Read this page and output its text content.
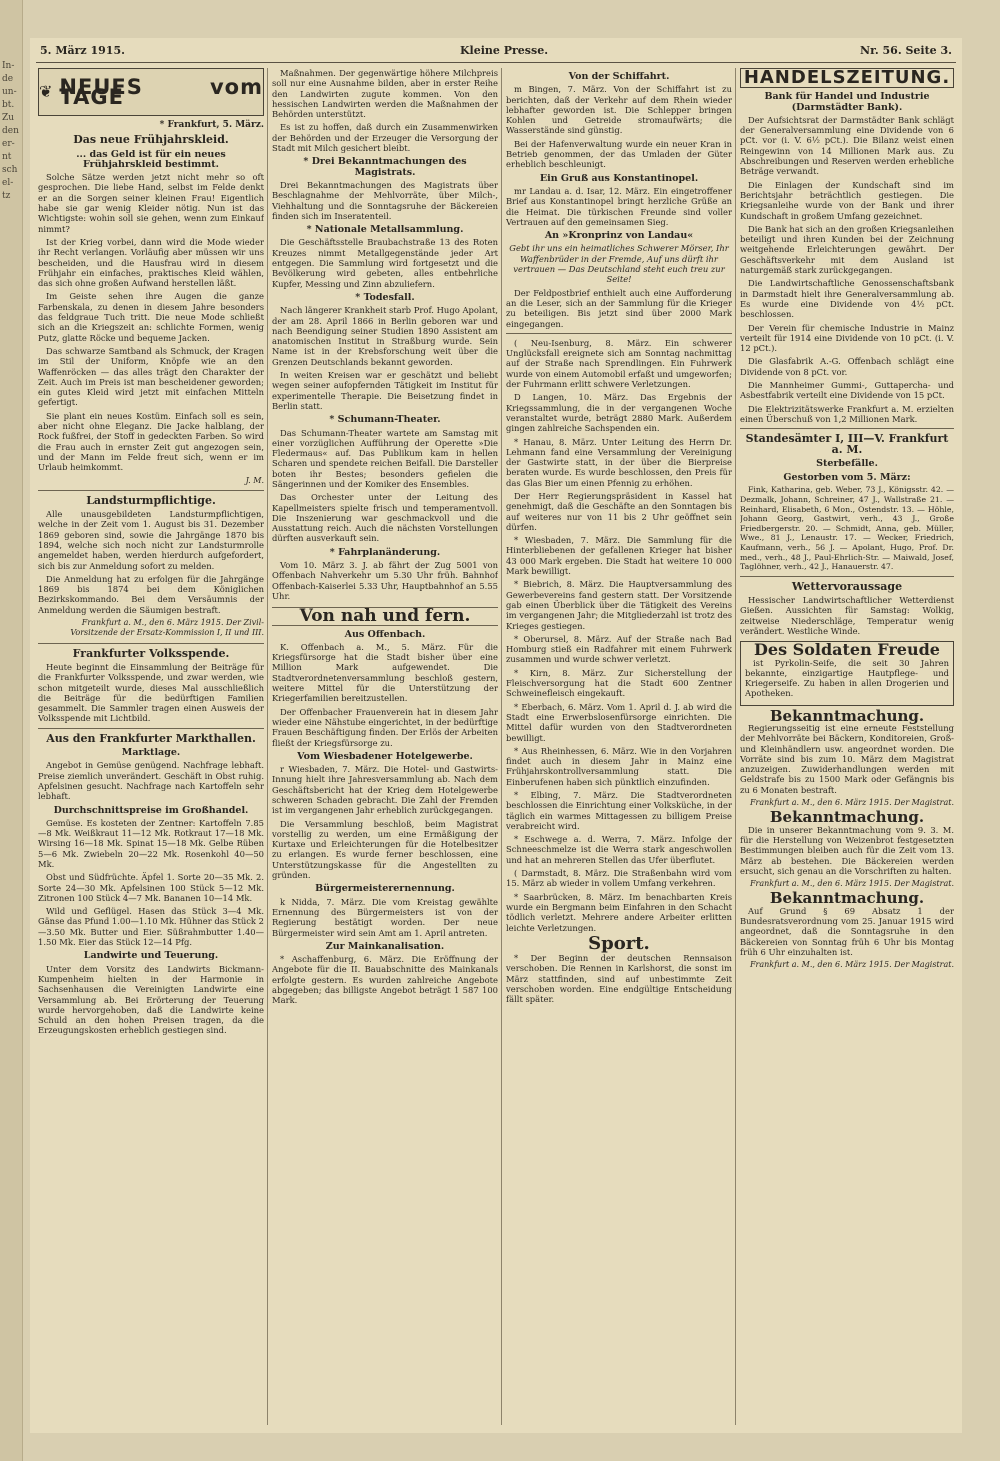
In- de un- bt. Zu den er- nt sch el- tz
5. März 1915.	Kleine Presse.	Nr. 56. Seite 3.
❦ NEUES vom TAGE
* Frankfurt, 5. März.
Das neue Frühjahrskleid.
... das Geld ist für ein neues Frühjahrskleid bestimmt.

Solche Sätze werden jetzt nicht mehr so oft gesprochen. Die liebe Hand, selbst im Felde denkt er an die Sorgen seiner kleinen Frau! Eigentlich habe sie gar wenig Kleider nötig. Nun ist das Wichtigste: wohin soll sie gehen, wenn zum Einkauf nimmt?

Ist der Krieg vorbei, dann wird die Mode wieder ihr Recht verlangen. Vorläufig aber müssen wir uns bescheiden, und die Hausfrau wird in diesem Frühjahr ein einfaches, praktisches Kleid wählen, das sich ohne großen Aufwand herstellen läßt.

Im Geiste sehen ihre Augen die ganze Farbenskala, zu denen in diesem Jahre besonders das feldgraue Tuch tritt. Die neue Mode schließt sich an die Kriegszeit an: schlichte Formen, wenig Putz, glatte Röcke und bequeme Jacken.

Das schwarze Samtband als Schmuck, der Kragen im Stil der Uniform, Knöpfe wie an den Waffenröcken — das alles trägt den Charakter der Zeit. Auch im Preis ist man bescheidener geworden; ein gutes Kleid wird jetzt mit einfachen Mitteln gefertigt.

Sie plant ein neues Kostüm. Einfach soll es sein, aber nicht ohne Eleganz. Die Jacke halblang, der Rock fußfrei, der Stoff in gedeckten Farben. So wird die Frau auch in ernster Zeit gut angezogen sein, und der Mann im Felde freut sich, wenn er im Urlaub heimkommt.

J. M.
Landsturmpflichtige.

Alle unausgebildeten Landsturmpflichtigen, welche in der Zeit vom 1. August bis 31. Dezember 1869 geboren sind, sowie die Jahrgänge 1870 bis 1894, welche sich noch nicht zur Landsturmrolle angemeldet haben, werden hierdurch aufgefordert, sich bis zur Anmeldung sofort zu melden.

Die Anmeldung hat zu erfolgen für die Jahrgänge 1869 bis 1874 bei dem Königlichen Bezirkskommando. Bei dem Versäumnis der Anmeldung werden die Säumigen bestraft.

Frankfurt a. M., den 6. März 1915. Der Zivil-Vorsitzende der Ersatz-Kommission I, II und III.
Frankfurter Volksspende.

Heute beginnt die Einsammlung der Beiträge für die Frankfurter Volksspende, und zwar werden, wie schon mitgeteilt wurde, dieses Mal ausschließlich die Beiträge für die bedürftigen Familien gesammelt. Die Sammler tragen einen Ausweis der Volksspende mit Lichtbild.

Aus den Frankfurter Markthallen.
Marktlage.

Angebot in Gemüse genügend. Nachfrage lebhaft. Preise ziemlich unverändert. Geschäft in Obst ruhig. Apfelsinen gesucht. Nachfrage nach Kartoffeln sehr lebhaft.

Durchschnittspreise im Großhandel.

Gemüse. Es kosteten der Zentner: Kartoffeln 7.85—8 Mk. Weißkraut 11—12 Mk. Rotkraut 17—18 Mk. Wirsing 16—18 Mk. Spinat 15—18 Mk. Gelbe Rüben 5—6 Mk. Zwiebeln 20—22 Mk. Rosenkohl 40—50 Mk.

Obst und Südfrüchte. Äpfel 1. Sorte 20—35 Mk. 2. Sorte 24—30 Mk. Apfelsinen 100 Stück 5—12 Mk. Zitronen 100 Stück 4—7 Mk. Bananen 10—14 Mk.

Wild und Geflügel. Hasen das Stück 3—4 Mk. Gänse das Pfund 1.00—1.10 Mk. Hühner das Stück 2—3.50 Mk. Butter und Eier. Süßrahmbutter 1.40—1.50 Mk. Eier das Stück 12—14 Pfg.

Landwirte und Teuerung.

Unter dem Vorsitz des Landwirts Bickmann-Kumpenheim hielten in der Harmonie in Sachsenhausen die Vereinigten Landwirte eine Versammlung ab. Bei Erörterung der Teuerung wurde hervorgehoben, daß die Landwirte keine Schuld an den hohen Preisen tragen, da die Erzeugungskosten erheblich gestiegen sind.

Maßnahmen. Der gegenwärtige höhere Milchpreis soll nur eine Ausnahme bilden, aber in erster Reihe den Landwirten zugute kommen. Von den hessischen Landwirten werden die Maßnahmen der Behörden unterstützt.

Es ist zu hoffen, daß durch ein Zusammenwirken der Behörden und der Erzeuger die Versorgung der Stadt mit Milch gesichert bleibt.

* Drei Bekanntmachungen des Magistrats.

Drei Bekanntmachungen des Magistrats über Beschlagnahme der Mehlvorräte, über Milch-, Viehhaltung und die Sonntagsruhe der Bäckereien finden sich im Inseratenteil.

* Nationale Metallsammlung.

Die Geschäftsstelle Braubachstraße 13 des Roten Kreuzes nimmt Metallgegenstände jeder Art entgegen. Die Sammlung wird fortgesetzt und die Bevölkerung wird gebeten, alles entbehrliche Kupfer, Messing und Zinn abzuliefern.

* Todesfall.

Nach längerer Krankheit starb Prof. Hugo Apolant, der am 28. April 1866 in Berlin geboren war und nach Beendigung seiner Studien 1890 Assistent am anatomischen Institut in Straßburg wurde. Sein Name ist in der Krebsforschung weit über die Grenzen Deutschlands bekannt geworden.

In weiten Kreisen war er geschätzt und beliebt wegen seiner aufopfernden Tätigkeit im Institut für experimentelle Therapie. Die Beisetzung findet in Berlin statt.

* Schumann-Theater.

Das Schumann-Theater wartete am Samstag mit einer vorzüglichen Aufführung der Operette »Die Fledermaus« auf. Das Publikum kam in hellen Scharen und spendete reichen Beifall. Die Darsteller boten ihr Bestes; besonders gefielen die Sängerinnen und der Komiker des Ensembles.

Das Orchester unter der Leitung des Kapellmeisters spielte frisch und temperamentvoll. Die Inszenierung war geschmackvoll und die Ausstattung reich. Auch die nächsten Vorstellungen dürften ausverkauft sein.

* Fahrplanänderung.

Vom 10. März 3. J. ab fährt der Zug 5001 von Offenbach Nahverkehr um 5.30 Uhr früh. Bahnhof Offenbach-Kaiserlei 5.33 Uhr, Hauptbahnhof an 5.55 Uhr.

Von nah und fern.
Aus Offenbach.

K. Offenbach a. M., 5. März. Für die Kriegsfürsorge hat die Stadt bisher über eine Million Mark aufgewendet. Die Stadtverordnetenversammlung beschloß gestern, weitere Mittel für die Unterstützung der Kriegerfamilien bereitzustellen.

Der Offenbacher Frauenverein hat in diesem Jahr wieder eine Nähstube eingerichtet, in der bedürftige Frauen Beschäftigung finden. Der Erlös der Arbeiten fließt der Kriegsfürsorge zu.

Vom Wiesbadener Hotelgewerbe.

r Wiesbaden, 7. März. Die Hotel- und Gastwirts-Innung hielt ihre Jahresversammlung ab. Nach dem Geschäftsbericht hat der Krieg dem Hotelgewerbe schweren Schaden gebracht. Die Zahl der Fremden ist im vergangenen Jahr erheblich zurückgegangen.

Die Versammlung beschloß, beim Magistrat vorstellig zu werden, um eine Ermäßigung der Kurtaxe und Erleichterungen für die Hotelbesitzer zu erlangen. Es wurde ferner beschlossen, eine Unterstützungskasse für die Angestellten zu gründen.

Bürgermeisterernennung.

k Nidda, 7. März. Die vom Kreistag gewählte Ernennung des Bürgermeisters ist von der Regierung bestätigt worden. Der neue Bürgermeister wird sein Amt am 1. April antreten.

Zur Mainkanalisation.

* Aschaffenburg, 6. März. Die Eröffnung der Angebote für die II. Bauabschnitte des Mainkanals erfolgte gestern. Es wurden zahlreiche Angebote abgegeben; das billigste Angebot beträgt 1 587 100 Mark.

Von der Schiffahrt.

m Bingen, 7. März. Von der Schiffahrt ist zu berichten, daß der Verkehr auf dem Rhein wieder lebhafter geworden ist. Die Schlepper bringen Kohlen und Getreide stromaufwärts; die Wasserstände sind günstig.

Bei der Hafenverwaltung wurde ein neuer Kran in Betrieb genommen, der das Umladen der Güter erheblich beschleunigt.

Ein Gruß aus Konstantinopel.

mr Landau a. d. Isar, 12. März. Ein eingetroffener Brief aus Konstantinopel bringt herzliche Grüße an die Heimat. Die türkischen Freunde sind voller Vertrauen auf den gemeinsamen Sieg.

An »Kronprinz von Landau«

Gebt ihr uns ein heimatliches Schwerer Mörser, Ihr Waffenbrüder in der Fremde, Auf uns dürft ihr vertrauen — Das Deutschland steht euch treu zur Seite!

Der Feldpostbrief enthielt auch eine Aufforderung an die Leser, sich an der Sammlung für die Krieger zu beteiligen. Bis jetzt sind über 2000 Mark eingegangen.

( Neu-Isenburg, 8. März. Ein schwerer Unglücksfall ereignete sich am Sonntag nachmittag auf der Straße nach Sprendlingen. Ein Fuhrwerk wurde von einem Automobil erfaßt und umgeworfen; der Fuhrmann erlitt schwere Verletzungen.

D Langen, 10. März. Das Ergebnis der Kriegssammlung, die in der vergangenen Woche veranstaltet wurde, beträgt 2880 Mark. Außerdem gingen zahlreiche Sachspenden ein.

* Hanau, 8. März. Unter Leitung des Herrn Dr. Lehmann fand eine Versammlung der Vereinigung der Gastwirte statt, in der über die Bierpreise beraten wurde. Es wurde beschlossen, den Preis für das Glas Bier um einen Pfennig zu erhöhen.

Der Herr Regierungspräsident in Kassel hat genehmigt, daß die Geschäfte an den Sonntagen bis auf weiteres nur von 11 bis 2 Uhr geöffnet sein dürfen.

* Wiesbaden, 7. März. Die Sammlung für die Hinterbliebenen der gefallenen Krieger hat bisher 43 000 Mark ergeben. Die Stadt hat weitere 10 000 Mark bewilligt.

* Biebrich, 8. März. Die Hauptversammlung des Gewerbevereins fand gestern statt. Der Vorsitzende gab einen Überblick über die Tätigkeit des Vereins im vergangenen Jahr; die Mitgliederzahl ist trotz des Krieges gestiegen.

* Oberursel, 8. März. Auf der Straße nach Bad Homburg stieß ein Radfahrer mit einem Fuhrwerk zusammen und wurde schwer verletzt.

* Kirn, 8. März. Zur Sicherstellung der Fleischversorgung hat die Stadt 600 Zentner Schweinefleisch eingekauft.

* Eberbach, 6. März. Vom 1. April d. J. ab wird die Stadt eine Erwerbslosenfürsorge einrichten. Die Mittel dafür wurden von den Stadtverordneten bewilligt.

* Aus Rheinhessen, 6. März. Wie in den Vorjahren findet auch in diesem Jahr in Mainz eine Frühjahrskontrollversammlung statt. Die Einberufenen haben sich pünktlich einzufinden.

* Elbing, 7. März. Die Stadtverordneten beschlossen die Einrichtung einer Volksküche, in der täglich ein warmes Mittagessen zu billigem Preise verabreicht wird.

* Eschwege a. d. Werra, 7. März. Infolge der Schneeschmelze ist die Werra stark angeschwollen und hat an mehreren Stellen das Ufer überflutet.

( Darmstadt, 8. März. Die Straßenbahn wird vom 15. März ab wieder in vollem Umfang verkehren.

* Saarbrücken, 8. März. Im benachbarten Kreis wurde ein Bergmann beim Einfahren in den Schacht tödlich verletzt. Mehrere andere Arbeiter erlitten leichte Verletzungen.

Sport.

* Der Beginn der deutschen Rennsaison verschoben. Die Rennen in Karlshorst, die sonst im März stattfinden, sind auf unbestimmte Zeit verschoben worden. Eine endgültige Entscheidung fällt später.

HANDELSZEITUNG.
Bank für Handel und Industrie (Darmstädter Bank).

Der Aufsichtsrat der Darmstädter Bank schlägt der Generalversammlung eine Dividende von 6 pCt. vor (i. V. 6½ pCt.). Die Bilanz weist einen Reingewinn von 14 Millionen Mark aus. Zu Abschreibungen und Reserven werden erhebliche Beträge verwandt.

Die Einlagen der Kundschaft sind im Berichtsjahr beträchtlich gestiegen. Die Kriegsanleihe wurde von der Bank und ihrer Kundschaft in großem Umfang gezeichnet.

Die Bank hat sich an den großen Kriegsanleihen beteiligt und ihren Kunden bei der Zeichnung weitgehende Erleichterungen gewährt. Der Geschäftsverkehr mit dem Ausland ist naturgemäß stark zurückgegangen.

Die Landwirtschaftliche Genossenschaftsbank in Darmstadt hielt ihre Generalversammlung ab. Es wurde eine Dividende von 4½ pCt. beschlossen.

Der Verein für chemische Industrie in Mainz verteilt für 1914 eine Dividende von 10 pCt. (i. V. 12 pCt.).

Die Glasfabrik A.-G. Offenbach schlägt eine Dividende von 8 pCt. vor.

Die Mannheimer Gummi-, Guttapercha- und Asbestfabrik verteilt eine Dividende von 15 pCt.

Die Elektrizitätswerke Frankfurt a. M. erzielten einen Überschuß von 1,2 Millionen Mark.

Standesämter I, III—V. Frankfurt a. M.
Sterbefälle.
Gestorben vom 5. März:

Fink, Katharina, geb. Weber, 73 J., Königsstr. 42. — Dezmalk, Johann, Schreiner, 47 J., Wallstraße 21. — Reinhard, Elisabeth, 6 Mon., Ostendstr. 13. — Höhle, Johann Georg, Gastwirt, verh., 43 J., Große Friedbergerstr. 20. — Schmidt, Anna, geb. Müller, Wwe., 81 J., Lenaustr. 17. — Wecker, Friedrich, Kaufmann, verh., 56 J. — Apolant, Hugo, Prof. Dr. med., verh., 48 J., Paul-Ehrlich-Str. — Maiwald, Josef, Taglöhner, verh., 42 J., Hanauerstr. 47.

Wettervoraussage

Hessischer Landwirtschaftlicher Wetterdienst Gießen. Aussichten für Samstag: Wolkig, zeitweise Niederschläge, Temperatur wenig verändert. Westliche Winde.

Des Soldaten Freude

ist Pyrkolin-Seife, die seit 30 Jahren bekannte, einzigartige Hautpflege- und Kriegerseife. Zu haben in allen Drogerien und Apotheken.

Bekanntmachung.

Regierungsseitig ist eine erneute Feststellung der Mehlvorräte bei Bäckern, Konditoreien, Groß- und Kleinhändlern usw. angeordnet worden. Die Vorräte sind bis zum 10. März dem Magistrat anzuzeigen. Zuwiderhandlungen werden mit Geldstrafe bis zu 1500 Mark oder Gefängnis bis zu 6 Monaten bestraft.

Frankfurt a. M., den 6. März 1915. Der Magistrat.
Bekanntmachung.

Die in unserer Bekanntmachung vom 9. 3. M. für die Herstellung von Weizenbrot festgesetzten Bestimmungen bleiben auch für die Zeit vom 13. März ab bestehen. Die Bäckereien werden ersucht, sich genau an die Vorschriften zu halten.

Frankfurt a. M., den 6. März 1915. Der Magistrat.
Bekanntmachung.

Auf Grund § 69 Absatz 1 der Bundesratsverordnung vom 25. Januar 1915 wird angeordnet, daß die Sonntagsruhe in den Bäckereien von Sonntag früh 6 Uhr bis Montag früh 6 Uhr einzuhalten ist.

Frankfurt a. M., den 6. März 1915. Der Magistrat.
